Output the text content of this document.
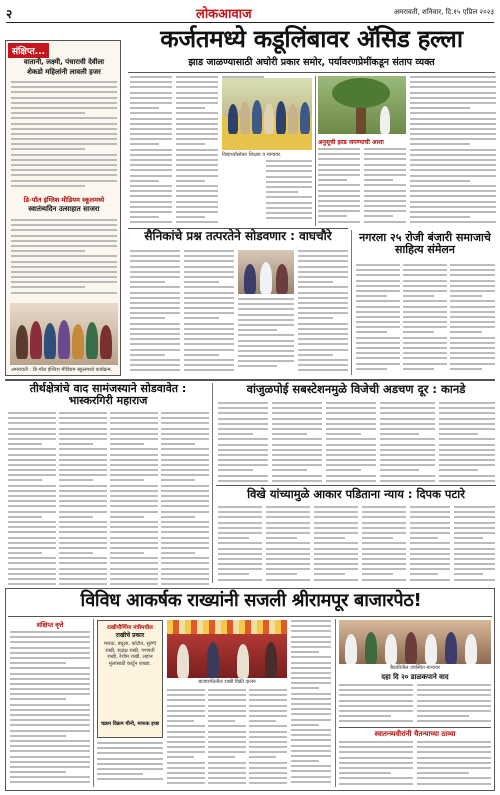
२	लोकआवाज	अमरावती, शनिवार, दि.१५ एप्रिल २०२३
संक्षिप्त...
वातानी, लक्ष्मी, पंधारावी देवीला
शेकडो महिलांनी लावली हजर
डि-पॉल इंग्लिश मीडियम स्कूलमध्ये
स्वातंत्र्यदिन उत्साहात साजरा
अमरावती : डि-पॉल इंग्लिश मीडियम स्कूलमध्ये कार्यक्रम.
कर्जतमध्ये कडूलिंबावर अ‍ॅसिड हल्ला
झाड जाळण्यासाठी अघोरी प्रकार समोर, पर्यावरणप्रेमींकडून संताप व्यक्त
विद्यार्थ्यांसोबत शिक्षक व मान्यवर.
अनुसूची झाड जपण्याची आशा
सैनिकांचे प्रश्न तत्परतेने सोडवणार : वाघचौरे	नगरला २५ रोजी बंजारी समाजाचे साहित्य संमेलन
तीर्थक्षेत्रांचे वाद सामंजस्याने सोडवावेत : भास्करगिरी महाराज
वांजुळपोई सबस्टेशनमुळे विजेची अडचण दूर : कानडे
विखे यांच्यामुळे आकार पडिताना न्याय : दिपक पटारे
विविध आकर्षक राख्यांनी सजली श्रीरामपूर बाजारपेठ!
संक्षिप्त वृत्ते	राखीपौर्णिमा मंत्रीमधील
राखीचे प्रकार
मराठा, बंधूला, कोटीत, सुरंगी राखी, रुद्राक्ष राखी, गणपती राखी, रेशीम राखी, लहान मुलांसाठी कार्टून राख्या.
चक्रम विक्रम चीनी, माफक इच्छ
बाजारपेठेतील राखी विक्री दालन
बैठकीतील उपस्थित मान्यवर
दहा दि २० डाळकपाने वाद
स्वातन्त्र्यवीरांनी चैतन्याच्या ठाव्या
